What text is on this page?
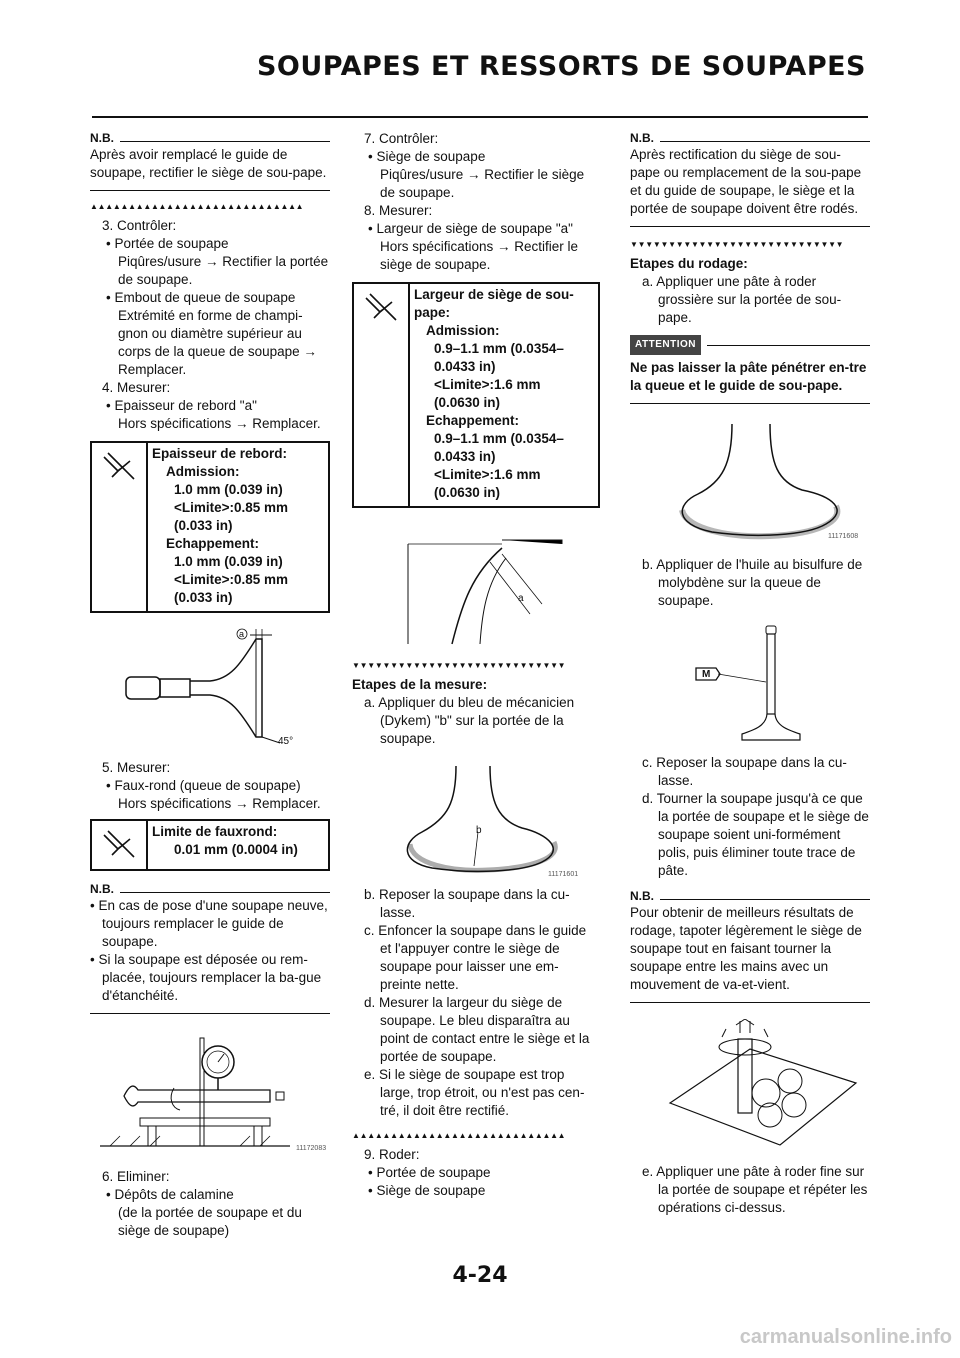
SOUPAPES ET RESSORTS DE SOUPAPES
N.B.

Après avoir remplacé le guide de soupape, rectifier le siège de sou-pape.

▲▲▲▲▲▲▲▲▲▲▲▲▲▲▲▲▲▲▲▲▲▲▲▲▲▲▲▲

3. Contrôler:

• Portée de soupape

Piqûres/usure → Rectifier la portée de soupape.

• Embout de queue de soupape

Extrémité en forme de champi-gnon ou diamètre supérieur au corps de la queue de soupape → Remplacer.

4. Mesurer:

• Epaisseur de rebord "a"

Hors spécifications → Remplacer.

Epaisseur de rebord:

Admission:

1.0 mm (0.039 in)

<Limite>:0.85 mm

(0.033 in)

Echappement:

1.0 mm (0.039 in)

<Limite>:0.85 mm

(0.033 in)

a
45°

5. Mesurer:

• Faux-rond (queue de soupape)

Hors spécifications → Remplacer.

Limite de fauxrond:

0.01 mm (0.0004 in)

N.B.

• En cas de pose d'une soupape neuve, toujours remplacer le guide de soupape.

• Si la soupape est déposée ou rem-placée, toujours remplacer la ba-gue d'étanchéité.

11172083

6. Eliminer:

• Dépôts de calamine

(de la portée de soupape et du siège de soupape)

7. Contrôler:

• Siège de soupape

Piqûres/usure → Rectifier le siège de soupape.

8. Mesurer:

• Largeur de siège de soupape "a"

Hors spécifications → Rectifier le siège de soupape.

Largeur de siège de sou-pape:

Admission:

0.9–1.1 mm (0.0354–

0.0433 in)

<Limite>:1.6 mm

(0.0630 in)

Echappement:

0.9–1.1 mm (0.0354–

0.0433 in)

<Limite>:1.6 mm

(0.0630 in)

a
▼▼▼▼▼▼▼▼▼▼▼▼▼▼▼▼▼▼▼▼▼▼▼▼▼▼▼▼

Etapes de la mesure:

a. Appliquer du bleu de mécanicien (Dykem) "b" sur la portée de la soupape.

b
11171601

b. Reposer la soupape dans la cu-lasse.

c. Enfoncer la soupape dans le guide et l'appuyer contre le siège de soupape pour laisser une em-preinte nette.

d. Mesurer la largeur du siège de soupape. Le bleu disparaîtra au point de contact entre le siège et la portée de soupape.

e. Si le siège de soupape est trop large, trop étroit, ou n'est pas cen-tré, il doit être rectifié.

▲▲▲▲▲▲▲▲▲▲▲▲▲▲▲▲▲▲▲▲▲▲▲▲▲▲▲▲

9. Roder:

• Portée de soupape

• Siège de soupape

N.B.

Après rectification du siège de sou-pape ou remplacement de la sou-pape et du guide de soupape, le siège et la portée de soupape doivent être rodés.

▼▼▼▼▼▼▼▼▼▼▼▼▼▼▼▼▼▼▼▼▼▼▼▼▼▼▼▼

Etapes du rodage:

a. Appliquer une pâte à roder grossière sur la portée de sou-pape.

ATTENTION

Ne pas laisser la pâte pénétrer en-tre la queue et le guide de sou-pape.

11171608

b. Appliquer de l'huile au bisulfure de molybdène sur la queue de soupape.

M

c. Reposer la soupape dans la cu-lasse.

d. Tourner la soupape jusqu'à ce que la portée de soupape et le siège de soupape soient uni-formément polis, puis éliminer toute trace de pâte.

N.B.

Pour obtenir de meilleurs résultats de rodage, tapoter légèrement le siège de soupape tout en faisant tourner la soupape entre les mains avec un mouvement de va-et-vient.

e. Appliquer une pâte à roder fine sur la portée de soupape et répéter les opérations ci-dessus.

4-24
carmanualsonline.info
